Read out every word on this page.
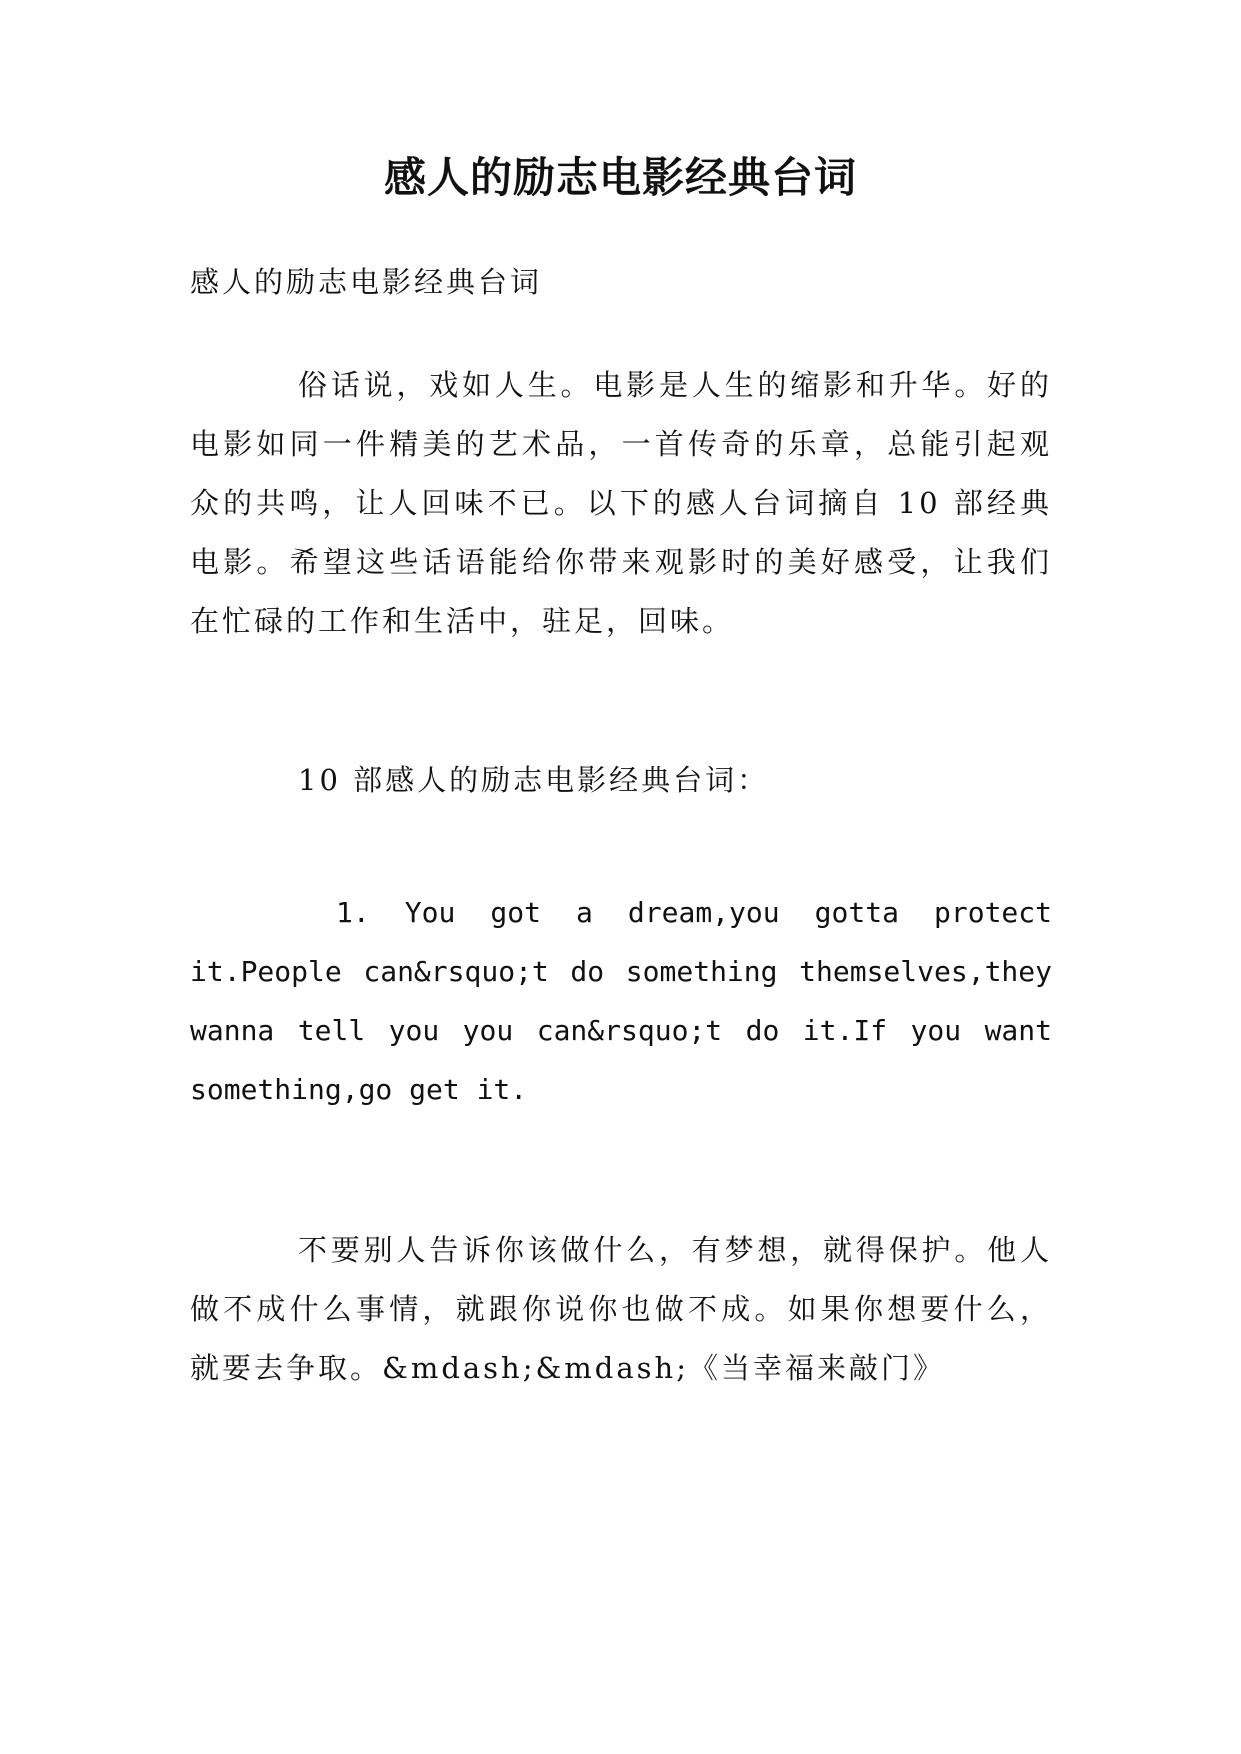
感人的励志电影经典台词
感人的励志电影经典台词
俗话说，戏如人生。电影是人生的缩影和升华。好的
电影如同一件精美的艺术品，一首传奇的乐章，总能引起观
众的共鸣，让人回味不已。以下的感人台词摘自 10 部经典
电影。希望这些话语能给你带来观影时的美好感受，让我们
在忙碌的工作和生活中，驻足，回味。
10 部感人的励志电影经典台词：
1. You got a dream,you gotta protect
it.People can&rsquo;t do something themselves,they
wanna tell you you can&rsquo;t do it.If you want
something,go get it.
不要别人告诉你该做什么，有梦想，就得保护。他人
做不成什么事情，就跟你说你也做不成。如果你想要什么，
就要去争取。&mdash;&mdash;《当幸福来敲门》
